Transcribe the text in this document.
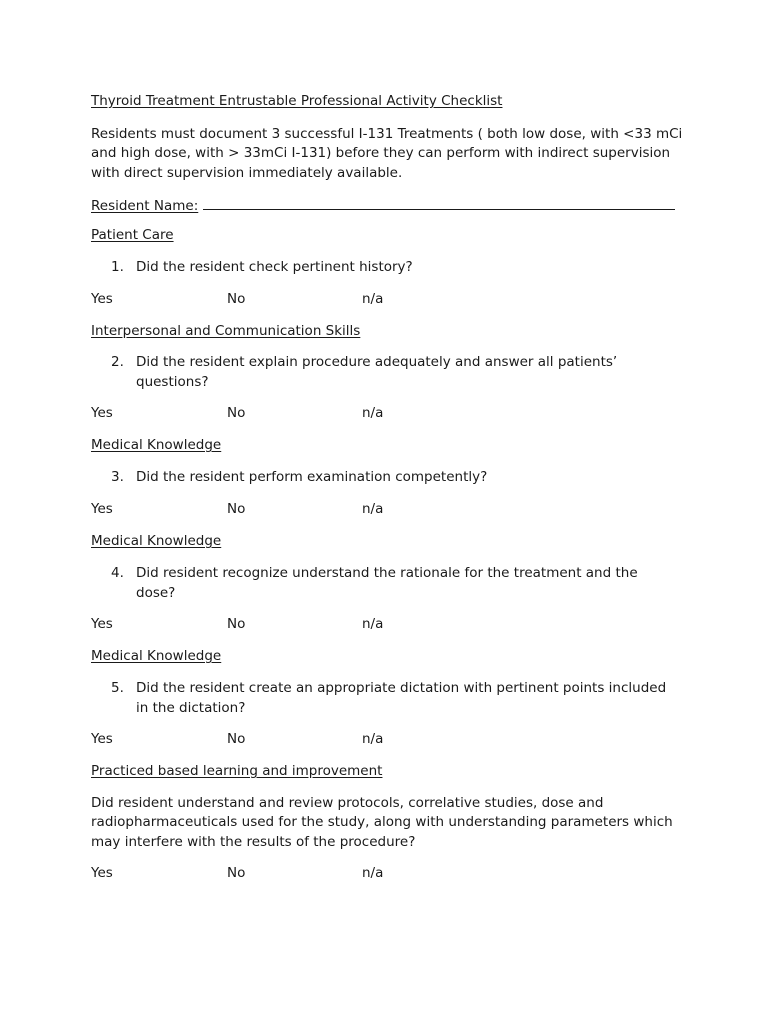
Thyroid Treatment Entrustable Professional Activity Checklist
Residents must document 3 successful I-131 Treatments ( both low dose, with <33 mCi and high dose, with > 33mCi I-131) before they can perform with indirect supervision with direct supervision immediately available.
Resident Name:
Patient Care
1. Did the resident check pertinent history?
Yes	No	n/a
Interpersonal and Communication Skills
2. Did the resident explain procedure adequately and answer all patients’ questions?
Yes	No	n/a
Medical Knowledge
3. Did the resident perform examination competently?
Yes	No	n/a
Medical Knowledge
4. Did resident recognize understand the rationale for the treatment and the dose?
Yes	No	n/a
Medical Knowledge
5. Did the resident create an appropriate dictation with pertinent points included in the dictation?
Yes	No	n/a
Practiced based learning and improvement
Did resident understand and review protocols, correlative studies, dose and radiopharmaceuticals used for the study, along with understanding parameters which may interfere with the results of the procedure?
Yes	No	n/a
